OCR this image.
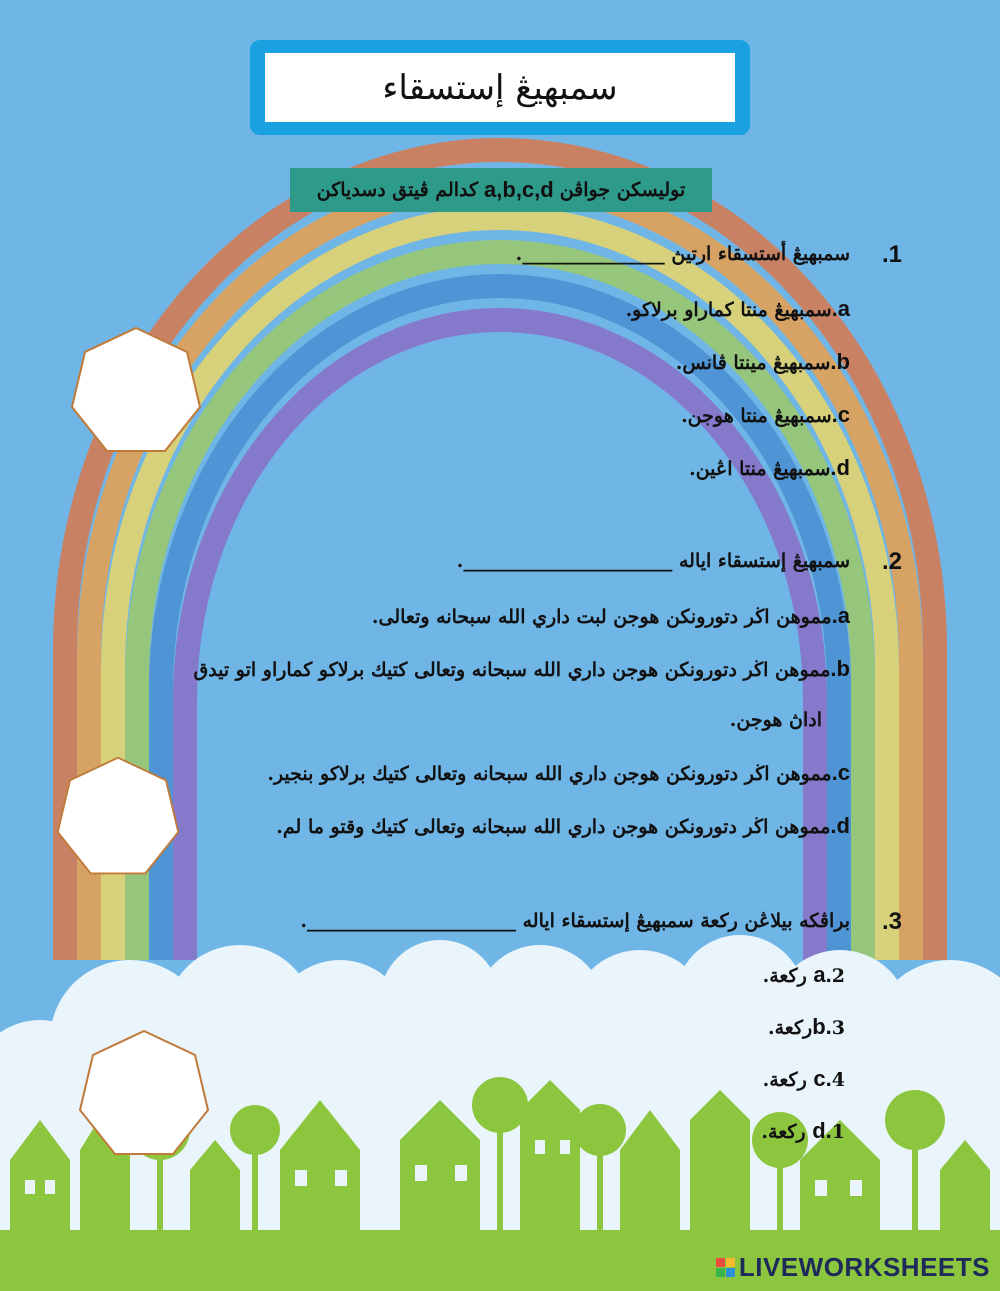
سمبهيڠ إستسقاء
توليسكن جواڤن
a,b,c,d
كدالم ڤيتق دسدياكن
.1
سمبهيڠ أستسقاء ارتيڽ _______________.
a.سمبهيڠ منتا كماراو برلاكو.
b.سمبهيڠ مينتا ڤانس.
c.سمبهيڠ منتا هوجن.
d.سمبهيڠ منتا اڠين.
.2
سمبهيڠ إستسقاء اياله ______________________.
a.مموهن اڬر دتورونكن هوجن لبت داري الله سبحانه وتعالى.
b.مموهن اڬر دتورونكن هوجن داري الله سبحانه وتعالى كتيك برلاكو كماراو اتو تيدق
اداڽ هوجن.
c.مموهن اڬر دتورونكن هوجن داري الله سبحانه وتعالى كتيك برلاكو بنجير.
d.مموهن اڬر دتورونكن هوجن داري الله سبحانه وتعالى كتيك وقتو ما لم.
.3
براڤكه بيلاڠن ركعة سمبهيڠ إستسقاء اياله ______________________.
a.2 ركعة.
b.3ركعة.
c.4 ركعة.
d.1 ركعة.
LIVEWORKSHEETS
